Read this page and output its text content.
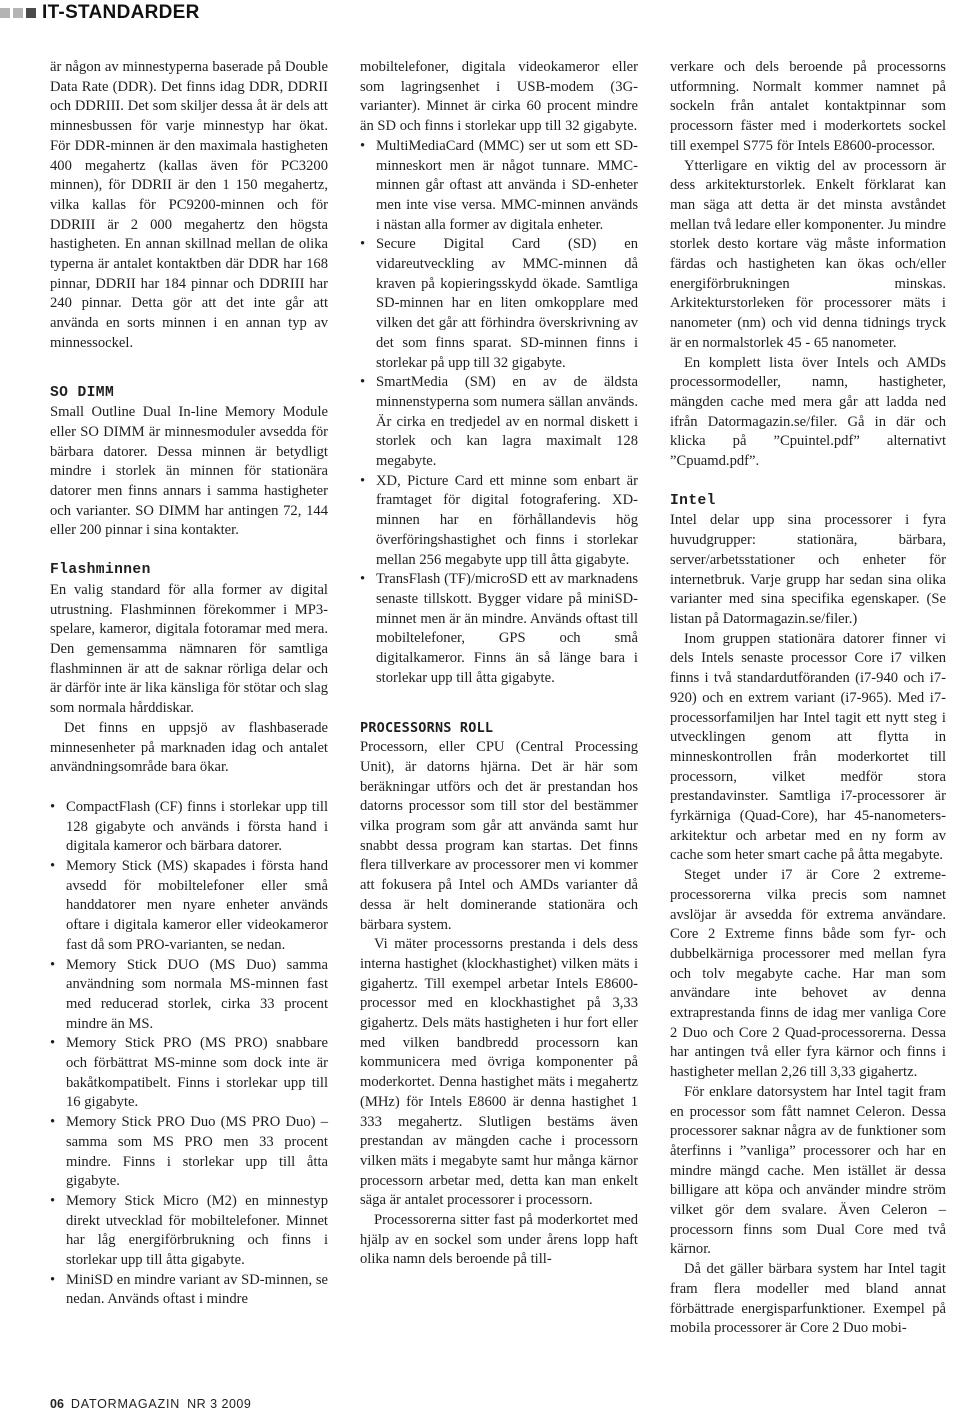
IT-STANDARDER

är någon av minnestyperna baserade på Double Data Rate (DDR). Det finns idag DDR, DDRII och DDRIII. Det som skiljer dessa åt är dels att minnesbussen för varje minnestyp har ökat. För DDR-minnen är den maximala hastigheten 400 megahertz (kallas även för PC3200 minnen), för DDRII är den 1 150 megahertz, vilka kallas för PC9200-minnen och för DDRIII är 2 000 megahertz den högsta hastigheten. En annan skillnad mellan de olika typerna är antalet kontaktben där DDR har 168 pinnar, DDRII har 184 pinnar och DDRIII har 240 pinnar. Detta gör att det inte går att använda en sorts minnen i en annan typ av minnessockel.

SO DIMM

Small Outline Dual In-line Memory Module eller SO DIMM är minnesmoduler avsedda för bärbara datorer. Dessa minnen är betydligt mindre i storlek än minnen för stationära datorer men finns annars i samma hastigheter och varianter. SO DIMM har antingen 72, 144 eller 200 pinnar i sina kontakter.

Flashminnen

En valig standard för alla former av digital utrustning. Flashminnen förekommer i MP3-spelare, kameror, digitala fotoramar med mera. Den gemensamma nämnaren för samtliga flashminnen är att de saknar rörliga delar och är därför inte är lika känsliga för stötar och slag som normala hårddiskar.

Det finns en uppsjö av flashbaserade minnesenheter på marknaden idag och antalet användningsområde bara ökar.

• CompactFlash (CF) finns i storlekar upp till 128 gigabyte och används i första hand i digitala kameror och bärbara datorer.
• Memory Stick (MS) skapades i första hand avsedd för mobiltelefoner eller små handdatorer men nyare enheter används oftare i digitala kameror eller videokameror fast då som PRO-varianten, se nedan.
• Memory Stick DUO (MS Duo) samma användning som normala MS-minnen fast med reducerad storlek, cirka 33 procent mindre än MS.
• Memory Stick PRO (MS PRO) snabbare och förbättrat MS-minne som dock inte är bakåtkompatibelt. Finns i storlekar upp till 16 gigabyte.
• Memory Stick PRO Duo (MS PRO Duo) –samma som MS PRO men 33 procent mindre. Finns i storlekar upp till åtta gigabyte.
• Memory Stick Micro (M2) en minnestyp direkt utvecklad för mobiltelefoner. Minnet har låg energiförbrukning och finns i storlekar upp till åtta gigabyte.
• MiniSD en mindre variant av SD-minnen, se nedan. Används oftast i mindre

mobiltelefoner, digitala videokameror eller som lagringsenhet i USB-modem (3G-varianter). Minnet är cirka 60 procent mindre än SD och finns i storlekar upp till 32 gigabyte.

• MultiMediaCard (MMC) ser ut som ett SD-minneskort men är något tunnare. MMC-minnen går oftast att använda i SD-enheter men inte vise versa. MMC-minnen används i nästan alla former av digitala enheter.
• Secure Digital Card (SD) en vidareutveckling av MMC-minnen då kraven på kopieringsskydd ökade. Samtliga SD-minnen har en liten omkopplare med vilken det går att förhindra överskrivning av det som finns sparat. SD-minnen finns i storlekar på upp till 32 gigabyte.
• SmartMedia (SM) en av de äldsta minnenstyperna som numera sällan används. Är cirka en tredjedel av en normal diskett i storlek och kan lagra maximalt 128 megabyte.
• XD, Picture Card ett minne som enbart är framtaget för digital fotografering. XD-minnen har en förhållandevis hög överföringshastighet och finns i storlekar mellan 256 megabyte upp till åtta gigabyte.
• TransFlash (TF)/microSD ett av marknadens senaste tillskott. Bygger vidare på miniSD-minnet men är än mindre. Används oftast till mobiltelefoner, GPS och små digitalkameror. Finns än så länge bara i storlekar upp till åtta gigabyte.
PROCESSORNS ROLL

Processorn, eller CPU (Central Processing Unit), är datorns hjärna. Det är här som beräkningar utförs och det är prestandan hos datorns processor som till stor del bestämmer vilka program som går att använda samt hur snabbt dessa program kan startas. Det finns flera tillverkare av processorer men vi kommer att fokusera på Intel och AMDs varianter då dessa är helt dominerande stationära och bärbara system.

Vi mäter processorns prestanda i dels dess interna hastighet (klockhastighet) vilken mäts i gigahertz. Till exempel arbetar Intels E8600-processor med en klockhastighet på 3,33 gigahertz. Dels mäts hastigheten i hur fort eller med vilken bandbredd processorn kan kommunicera med övriga komponenter på moderkortet. Denna hastighet mäts i megahertz (MHz) för Intels E8600 är denna hastighet 1 333 megahertz. Slutligen bestäms även prestandan av mängden cache i processorn vilken mäts i megabyte samt hur många kärnor processorn arbetar med, detta kan man enkelt säga är antalet processorer i processorn.

Processorerna sitter fast på moderkortet med hjälp av en sockel som under årens lopp haft olika namn dels beroende på till-

verkare och dels beroende på processorns utformning. Normalt kommer namnet på sockeln från antalet kontaktpinnar som processorn fäster med i moderkortets sockel till exempel S775 för Intels E8600-processor.

Ytterligare en viktig del av processorn är dess arkitekturstorlek. Enkelt förklarat kan man säga att detta är det minsta avståndet mellan två ledare eller komponenter. Ju mindre storlek desto kortare väg måste information färdas och hastigheten kan ökas och/eller energiförbrukningen minskas. Arkitekturstorleken för processorer mäts i nanometer (nm) och vid denna tidnings tryck är en normalstorlek 45 - 65 nanometer.

En komplett lista över Intels och AMDs processormodeller, namn, hastigheter, mängden cache med mera går att ladda ned ifrån Datormagazin.se/filer. Gå in där och klicka på ”Cpuintel.pdf” alternativt ”Cpuamd.pdf”.

Intel

Intel delar upp sina processorer i fyra huvudgrupper: stationära, bärbara, server/arbetsstationer och enheter för internetbruk. Varje grupp har sedan sina olika varianter med sina specifika egenskaper. (Se listan på Datormagazin.se/filer.)

Inom gruppen stationära datorer finner vi dels Intels senaste processor Core i7 vilken finns i två standardutföranden (i7-940 och i7-920) och en extrem variant (i7-965). Med i7-processorfamiljen har Intel tagit ett nytt steg i utvecklingen genom att flytta in minneskontrollen från moderkortet till processorn, vilket medför stora prestandavinster. Samtliga i7-processorer är fyrkärniga (Quad-Core), har 45-nanometers-arkitektur och arbetar med en ny form av cache som heter smart cache på åtta megabyte.

Steget under i7 är Core 2 extreme-processorerna vilka precis som namnet avslöjar är avsedda för extrema användare. Core 2 Extreme finns både som fyr- och dubbelkärniga processorer med mellan fyra och tolv megabyte cache. Har man som användare inte behovet av denna extraprestanda finns de idag mer vanliga Core 2 Duo och Core 2 Quad-processorerna. Dessa har antingen två eller fyra kärnor och finns i hastigheter mellan 2,26 till 3,33 gigahertz.

För enklare datorsystem har Intel tagit fram en processor som fått namnet Celeron. Dessa processorer saknar några av de funktioner som återfinns i ”vanliga” processorer och har en mindre mängd cache. Men istället är dessa billigare att köpa och använder mindre ström vilket gör dem svalare. Även Celeron – processorn finns som Dual Core med två kärnor.

Då det gäller bärbara system har Intel tagit fram flera modeller med bland annat förbättrade energisparfunktioner. Exempel på mobila processorer är Core 2 Duo mobi-

06 DATORMAGAZIN NR 3 2009
